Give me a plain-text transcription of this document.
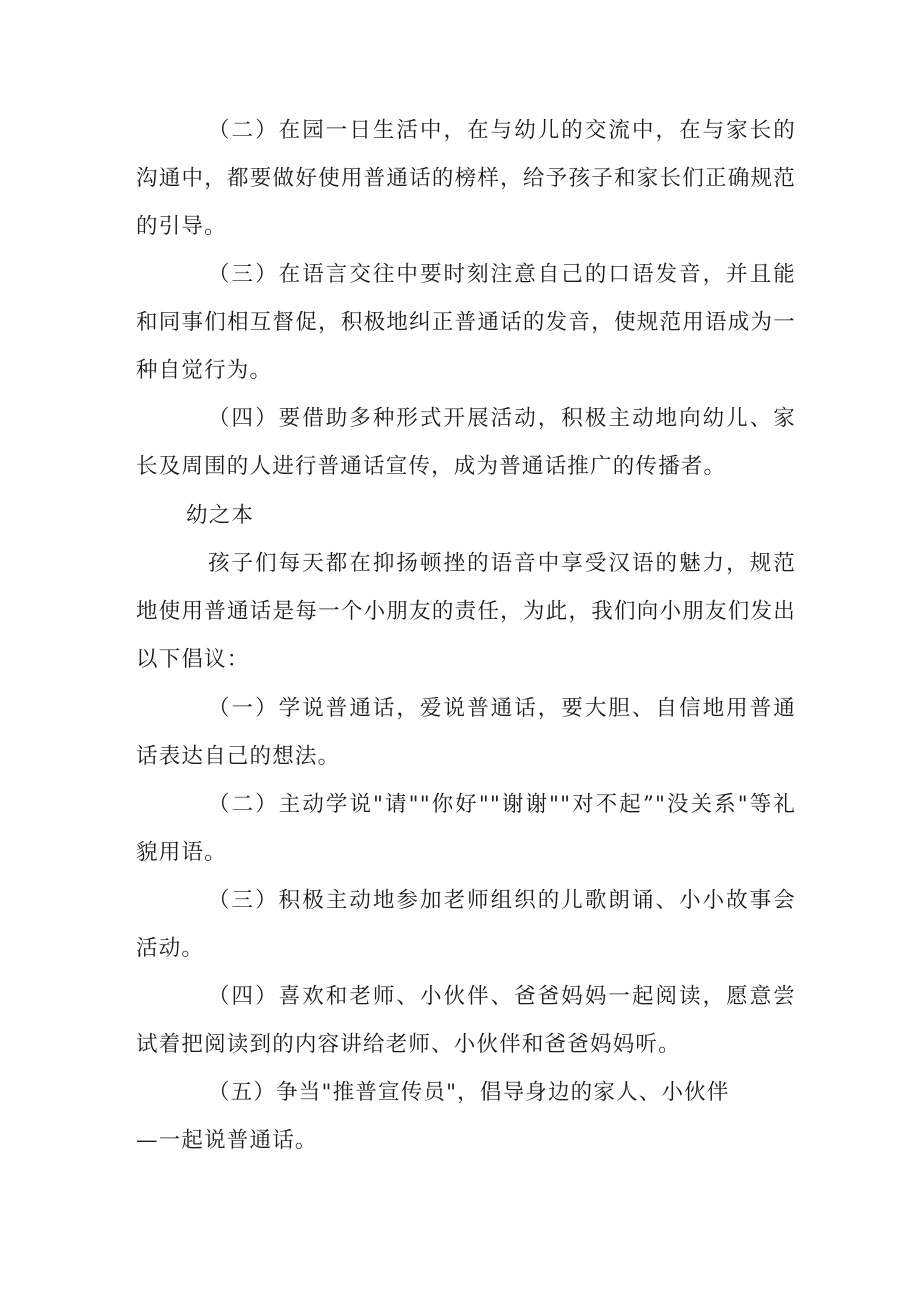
（二）在园一日生活中，在与幼儿的交流中，在与家长的沟通中，都要做好使用普通话的榜样，给予孩子和家长们正确规范的引导。

（三）在语言交往中要时刻注意自己的口语发音，并且能和同事们相互督促，积极地纠正普通话的发音，使规范用语成为一种自觉行为。

（四）要借助多种形式开展活动，积极主动地向幼儿、家长及周围的人进行普通话宣传，成为普通话推广的传播者。

幼之本

孩子们每天都在抑扬顿挫的语音中享受汉语的魅力，规范地使用普通话是每一个小朋友的责任，为此，我们向小朋友们发出以下倡议：

（一）学说普通话，爱说普通话，要大胆、自信地用普通话表达自己的想法。

（二）主动学说"请""你好""谢谢""对不起”"没关系"等礼貌用语。

（三）积极主动地参加老师组织的儿歌朗诵、小小故事会活动。

（四）喜欢和老师、小伙伴、爸爸妈妈一起阅读，愿意尝试着把阅读到的内容讲给老师、小伙伴和爸爸妈妈听。

（五）争当"推普宣传员"，倡导身边的家人、小伙伴

—一起说普通话。
